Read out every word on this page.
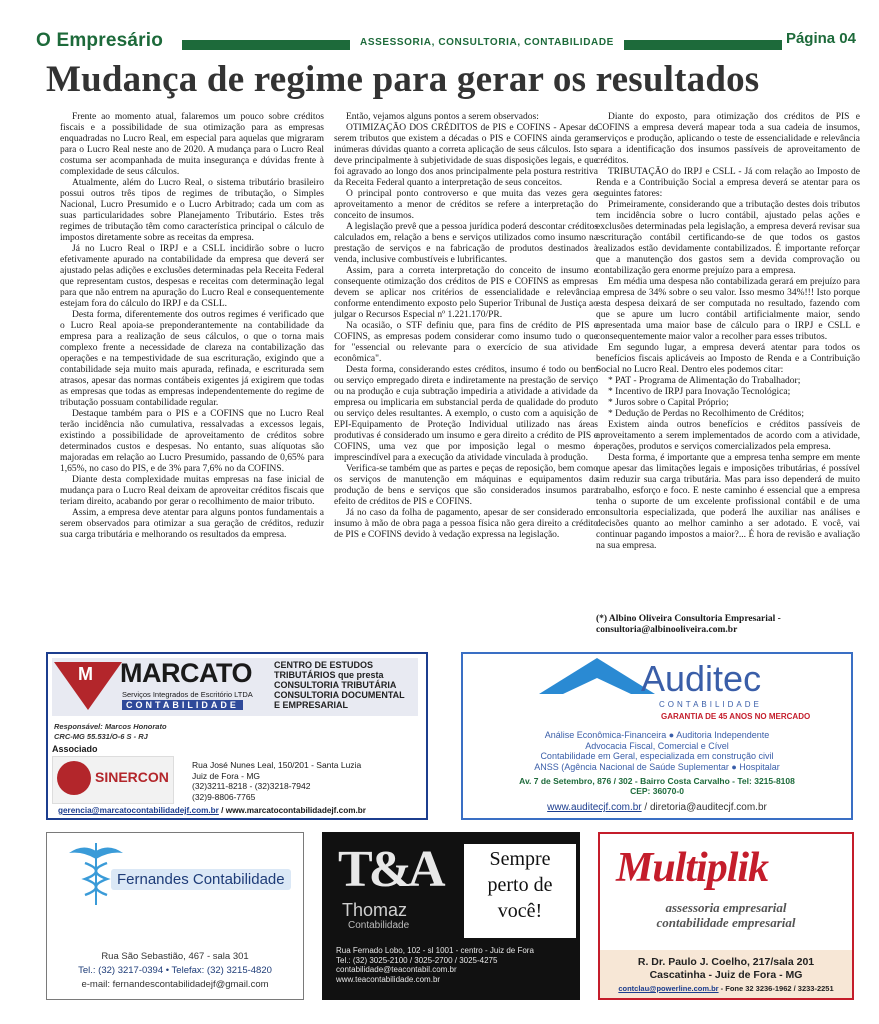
O Empresário	ASSESSORIA, CONSULTORIA, CONTABILIDADE	Página 04
Mudança de regime para gerar os resultados

Frente ao momento atual, falaremos um pouco sobre créditos fiscais e a possibilidade de sua otimização para as empresas enquadradas no Lucro Real, em especial para aquelas que migraram para o Lucro Real neste ano de 2020. A mudança para o Lucro Real costuma ser acompanhada de muita insegurança e dúvidas frente à complexidade de seus cálculos.

Atualmente, além do Lucro Real, o sistema tributário brasileiro possui outros três tipos de regimes de tributação, o Simples Nacional, Lucro Presumido e o Lucro Arbitrado; cada um com as suas particularidades sobre Planejamento Tributário. Estes três regimes de tributação têm como característica principal o cálculo de impostos diretamente sobre as receitas da empresa.

Já no Lucro Real o IRPJ e a CSLL incidirão sobre o lucro efetivamente apurado na contabilidade da empresa que deverá ser ajustado pelas adições e exclusões determinadas pela Receita Federal que representam custos, despesas e receitas com determinação legal para que não entrem na apuração do Lucro Real e consequentemente estejam fora do cálculo do IRPJ e da CSLL.

Desta forma, diferentemente dos outros regimes é verificado que o Lucro Real apoia-se preponderantemente na contabilidade da empresa para a realização de seus cálculos, o que o torna mais complexo frente a necessidade de clareza na contabilização das operações e na tempestividade de sua escrituração, exigindo que a contabilidade seja muito mais apurada, refinada, e escriturada sem atrasos, apesar das normas contábeis exigentes já exigirem que todas as empresas que todas as empresas independentemente do regime de tributação possuam contabilidade regular.

Destaque também para o PIS e a COFINS que no Lucro Real terão incidência não cumulativa, ressalvadas a excessos legais, existindo a possibilidade de aproveitamento de créditos sobre determinados custos e despesas. No entanto, suas alíquotas são majoradas em relação ao Lucro Presumido, passando de 0,65% para 1,65%, no caso do PIS, e de 3% para 7,6% no da COFINS.

Diante desta complexidade muitas empresas na fase inicial de mudança para o Lucro Real deixam de aproveitar créditos fiscais que teriam direito, acabando por gerar o recolhimento de maior tributo.

Assim, a empresa deve atentar para alguns pontos fundamentais a serem observados para otimizar a sua geração de créditos, reduzir sua carga tributária e melhorando os resultados da empresa.

Então, vejamos alguns pontos a serem observados:

OTIMIZAÇÃO DOS CRÉDITOS de PIS e COFINS - Apesar de serem tributos que existem a décadas o PIS e COFINS ainda geram inúmeras dúvidas quanto a correta aplicação de seus cálculos. Isto se deve principalmente à subjetividade de suas disposições legais, e que foi agravado ao longo dos anos principalmente pela postura restritiva da Receita Federal quanto a interpretação de seus conceitos.

O principal ponto controverso e que muita das vezes gera o aproveitamento a menor de créditos se refere a interpretação do conceito de insumos.

A legislação prevê que a pessoa jurídica poderá descontar créditos calculados em, relação a bens e serviços utilizados como insumo na prestação de serviços e na fabricação de produtos destinados à venda, inclusive combustíveis e lubrificantes.

Assim, para a correta interpretação do conceito de insumo e consequente otimização dos créditos de PIS e COFINS as empresas devem se aplicar nos critérios de essencialidade e relevância, conforme entendimento exposto pelo Superior Tribunal de Justiça ao julgar o Recursos Especial nº 1.221.170/PR.

Na ocasião, o STF definiu que, para fins de crédito de PIS e COFINS, as empresas podem considerar como insumo tudo o que for "essencial ou relevante para o exercício de sua atividade econômica".

Desta forma, considerando estes créditos, insumo é todo ou bem ou serviço empregado direta e indiretamente na prestação de serviço ou na produção e cuja subtração impediria a atividade a atividade da empresa ou implicaria em substancial perda de qualidade do produto ou serviço deles resultantes. A exemplo, o custo com a aquisição de EPI-Equipamento de Proteção Individual utilizado nas áreas produtivas é considerado um insumo e gera direito a crédito de PIS e COFINS, uma vez que por imposição legal o mesmo é imprescindível para a execução da atividade vinculada à produção.

Verifica-se também que as partes e peças de reposição, bem como os serviços de manutenção em máquinas e equipamentos da produção de bens e serviços que são considerados insumos para efeito de créditos de PIS e COFINS.

Já no caso da folha de pagamento, apesar de ser considerado em insumo à mão de obra paga a pessoa física não gera direito a crédito de PIS e COFINS devido à vedação expressa na legislação.

Diante do exposto, para otimização dos créditos de PIS e COFINS a empresa deverá mapear toda a sua cadeia de insumos, serviços e produção, aplicando o teste de essencialidade e relevância para a identificação dos insumos passíveis de aproveitamento de créditos.

TRIBUTAÇÃO do IRPJ e CSLL - Já com relação ao Imposto de Renda e a Contribuição Social a empresa deverá se atentar para os seguintes fatores:

Primeiramente, considerando que a tributação destes dois tributos tem incidência sobre o lucro contábil, ajustado pelas ações e exclusões determinadas pela legislação, a empresa deverá revisar sua escrituração contábil certificando-se de que todos os gastos realizados estão devidamente contabilizados. É importante reforçar que a manutenção dos gastos sem a devida comprovação ou contabilização gera enorme prejuízo para a empresa.

Em média uma despesa não contabilizada gerará em prejuízo para a empresa de 34% sobre o seu valor. Isso mesmo 34%!!! Isto porque esta despesa deixará de ser computada no resultado, fazendo com que se apure um lucro contábil artificialmente maior, sendo apresentada uma maior base de cálculo para o IRPJ e CSLL e consequentemente maior valor a recolher para esses tributos.

Em segundo lugar, a empresa deverá atentar para todos os benefícios fiscais aplicáveis ao Imposto de Renda e a Contribuição Social no Lucro Real. Dentro eles podemos citar:

* PAT - Programa de Alimentação do Trabalhador;

* Incentivo de IRPJ para Inovação Tecnológica;

* Juros sobre o Capital Próprio;

* Dedução de Perdas no Recolhimento de Créditos;

Existem ainda outros benefícios e créditos passíveis de aproveitamento a serem implementados de acordo com a atividade, operações, produtos e serviços comercializados pela empresa.

Desta forma, é importante que a empresa tenha sempre em mente que apesar das limitações legais e imposições tributárias, é possível sim reduzir sua carga tributária. Mas para isso dependerá de muito trabalho, esforço e foco. E neste caminho é essencial que a empresa tenha o suporte de um excelente profissional contábil e de uma consultoria especializada, que poderá lhe auxiliar nas análises e decisões quanto ao melhor caminho a ser adotado. E você, vai continuar pagando impostos a maior?... É hora de revisão e avaliação na sua empresa.

(*) Albino Oliveira Consultoria Empresarial - consultoria@albinooliveira.com.br
M MARCATO
Serviços Integrados de Escritório LTDA
CONTABILIDADE
CENTRO DE ESTUDOS
TRIBUTÁRIOS que presta
CONSULTORIA TRIBUTÁRIA
CONSULTORIA DOCUMENTAL
E EMPRESARIAL
Responsável: Marcos Honorato
CRC-MG 55.531/O-6 S - RJ
Associado
SINERCON
Rua José Nunes Leal, 150/201 - Santa Luzia
Juiz de Fora - MG
(32)3211-8218 - (32)3218-7942
(32)9-8806-7765
gerencia@marcatocontabilidadejf.com.br / www.marcatocontabilidadejf.com.br
Auditec
CONTABILIDADE
GARANTIA DE 45 ANOS NO MERCADO
Análise Econômica-Financeira ● Auditoria Independente
Advocacia Fiscal, Comercial e Cível
Contabilidade em Geral, especializada em construção civil
ANSS (Agência Nacional de Saúde Suplementar ● Hospitalar
Av. 7 de Setembro, 876 / 302 - Bairro Costa Carvalho - Tel: 3215-8108
CEP: 36070-0
www.auditecjf.com.br / diretoria@auditecjf.com.br
Fernandes Contabilidade
Rua São Sebastião, 467 - sala 301
Tel.: (32) 3217-0394 • Telefax: (32) 3215-4820
e-mail: fernandescontabilidadejf@gmail.com
T&A
Thomaz
Contabilidade
Sempre
perto de
você!
Rua Fernado Lobo, 102 - sl 1001 - centro - Juiz de Fora
Tel.: (32) 3025-2100 / 3025-2700 / 3025-4275
contabilidade@teacontabil.com.br
www.teacontabilidade.com.br
Multiplik
assessoria empresarial
contabilidade empresarial
R. Dr. Paulo J. Coelho, 217/sala 201
Cascatinha - Juiz de Fora - MG
contclau@powerline.com.br - Fone 32 3236-1962 / 3233-2251
